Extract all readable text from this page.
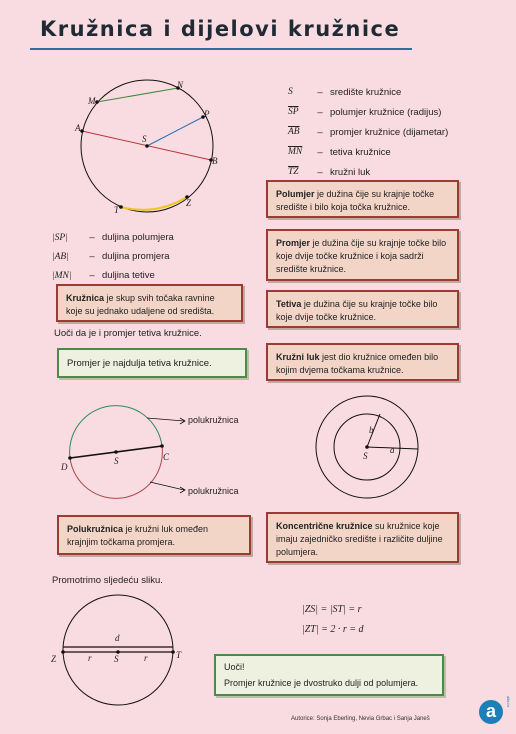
Kružnica i dijelovi kružnice
M
N
A
S
P
B
T
Z
S	– središte kružnice
$\overline{SP}$	– polumjer kružnice (radijus)
$\overline{AB}$	– promjer kružnice (dijametar)
$\overline{MN}$	– tetiva kružnice
$\overline{TZ}$	– kružni luk
|SP|	– duljina polumjera
|AB|	– duljina promjera
|MN|	– duljina tetive
Polumjer je dužina čije su krajnje točke središte i bilo koja točka kružnice.
Promjer je dužina čije su krajnje točke bilo koje dvije točke kružnice i koja sadrži središte kružnice.
Tetiva je dužina čije su krajnje točke bilo koje dvije točke kružnice.
Kružni luk jest dio kružnice omeđen bilo kojim dvjema točkama kružnice.
Kružnica je skup svih točaka ravnine koje su jednako udaljene od središta.
Uoči da je i promjer tetiva kružnice.
Promjer je najdulja tetiva kružnice.
polukružnica
polukružnica
D
S	C
b
a
S
Polukružnica je kružni luk omeđen krajnjim točkama promjera.
Koncentrične kružnice su kružnice koje imaju zajedničko središte i različite duljine polumjera.
Promotrimo sljedeću sliku.
d
Z	r S	r	T
|ZS| = |ST| = r
|ZT| = 2 · r = d
Uoči!
Promjer kružnice je dvostruko dulji od polumjera.
Autorice: Sonja Eberling, Nevia Grbac i Sanja Janeš	a	alfa.hr
